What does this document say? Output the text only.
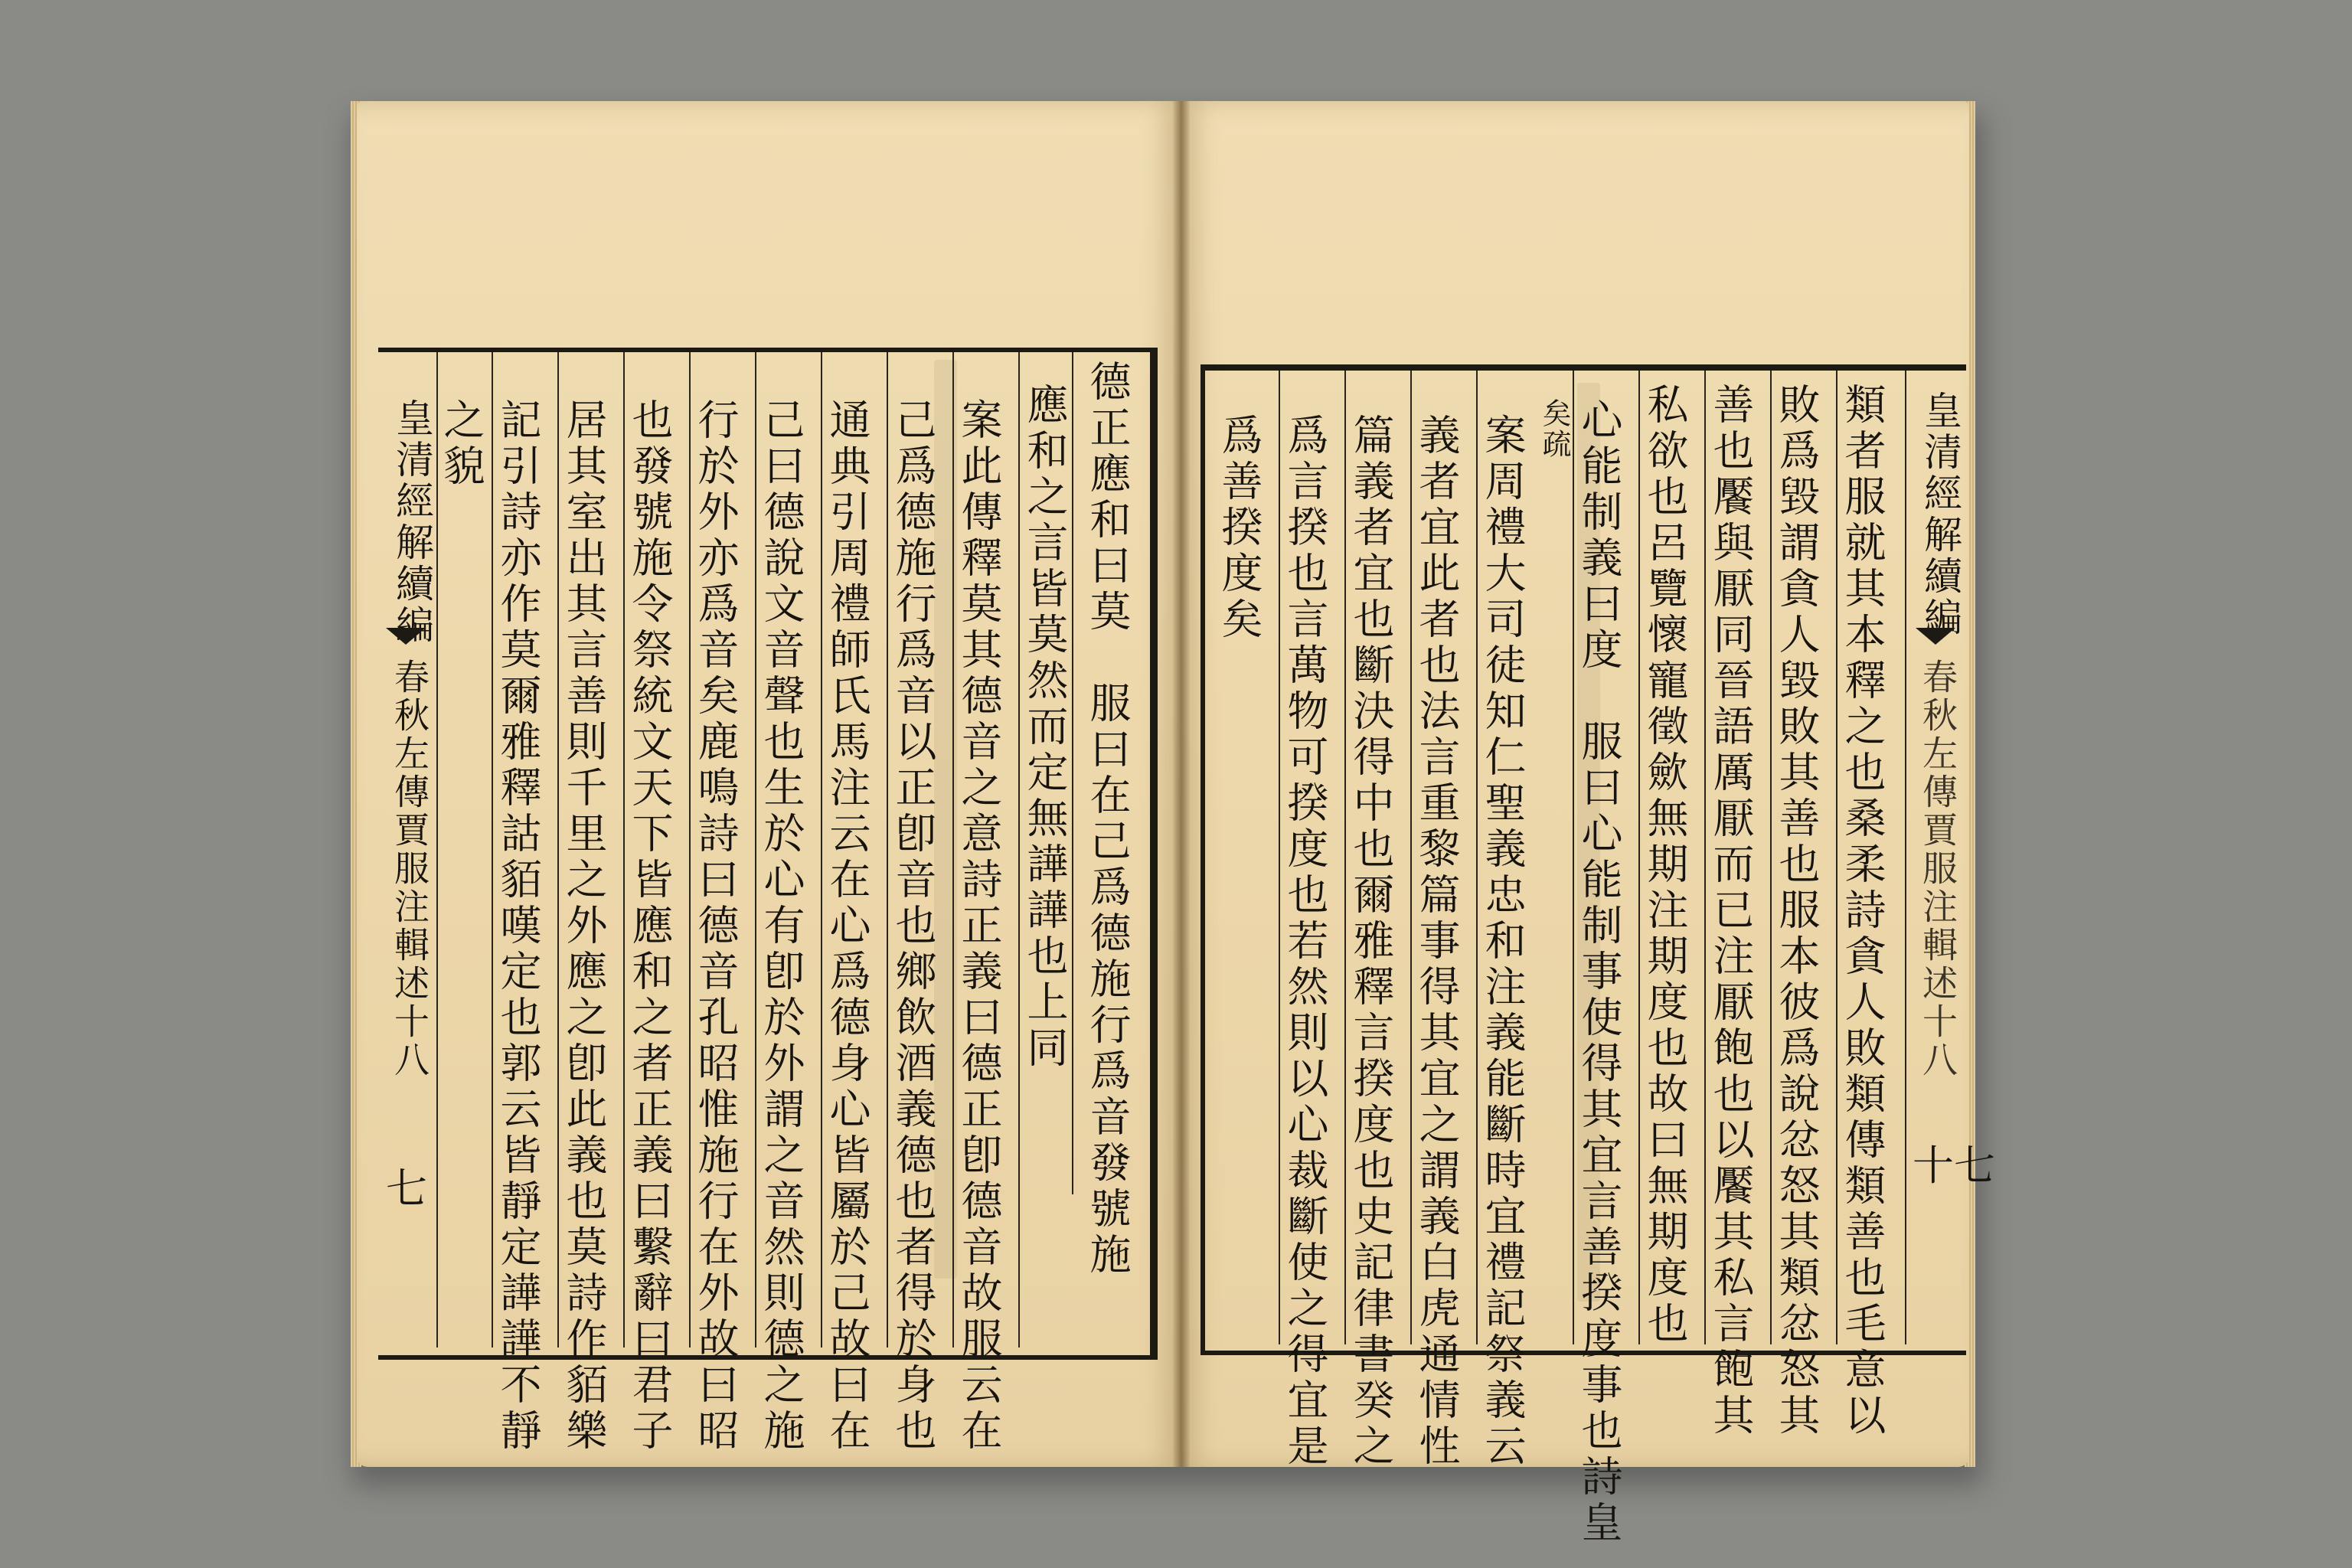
皇清經解續編
春秋左傳賈服注輯述十八
七	德正應和曰莫　服曰在己爲德施行爲音發號施
應和之言皆莫然而定無譁譁也上同
案此傳釋莫其德音之意詩正義曰德正卽德音故服云在
己爲德施行爲音以正卽音也鄉飲酒義德也者得於身也
通典引周禮師氏馬注云在心爲德身心皆屬於己故曰在
己曰德說文音聲也生於心有卽於外謂之音然則德之施
行於外亦爲音矣鹿鳴詩曰德音孔昭惟施行在外故曰昭
也發號施令祭統文天下皆應和之者正義曰繫辭曰君子
居其室出其言善則千里之外應之卽此義也莫詩作貊樂
記引詩亦作莫爾雅釋詁貊嘆定也郭云皆靜定譁譁不靜
之貌	皇清經解續編
春秋左傳賈服注輯述十八
十七
類者服就其本釋之也桑柔詩貪人敗類傳類善也毛意以
敗爲毀謂貪人毀敗其善也服本彼爲說忿怒其類忿怒其
善也饜與厭同晉語厲厭而已注厭飽也以饜其私言飽其
私欲也呂覽懷寵徵歛無期注期度也故曰無期度也
心能制義曰度　服曰心能制事使得其宜言善揆度事也詩皇
矣疏
案周禮大司徒知仁聖義忠和注義能斷時宜禮記祭義云
義者宜此者也法言重黎篇事得其宜之謂義白虎通情性
篇義者宜也斷決得中也爾雅釋言揆度也史記律書癸之
爲言揆也言萬物可揆度也若然則以心裁斷使之得宜是
爲善揆度矣
